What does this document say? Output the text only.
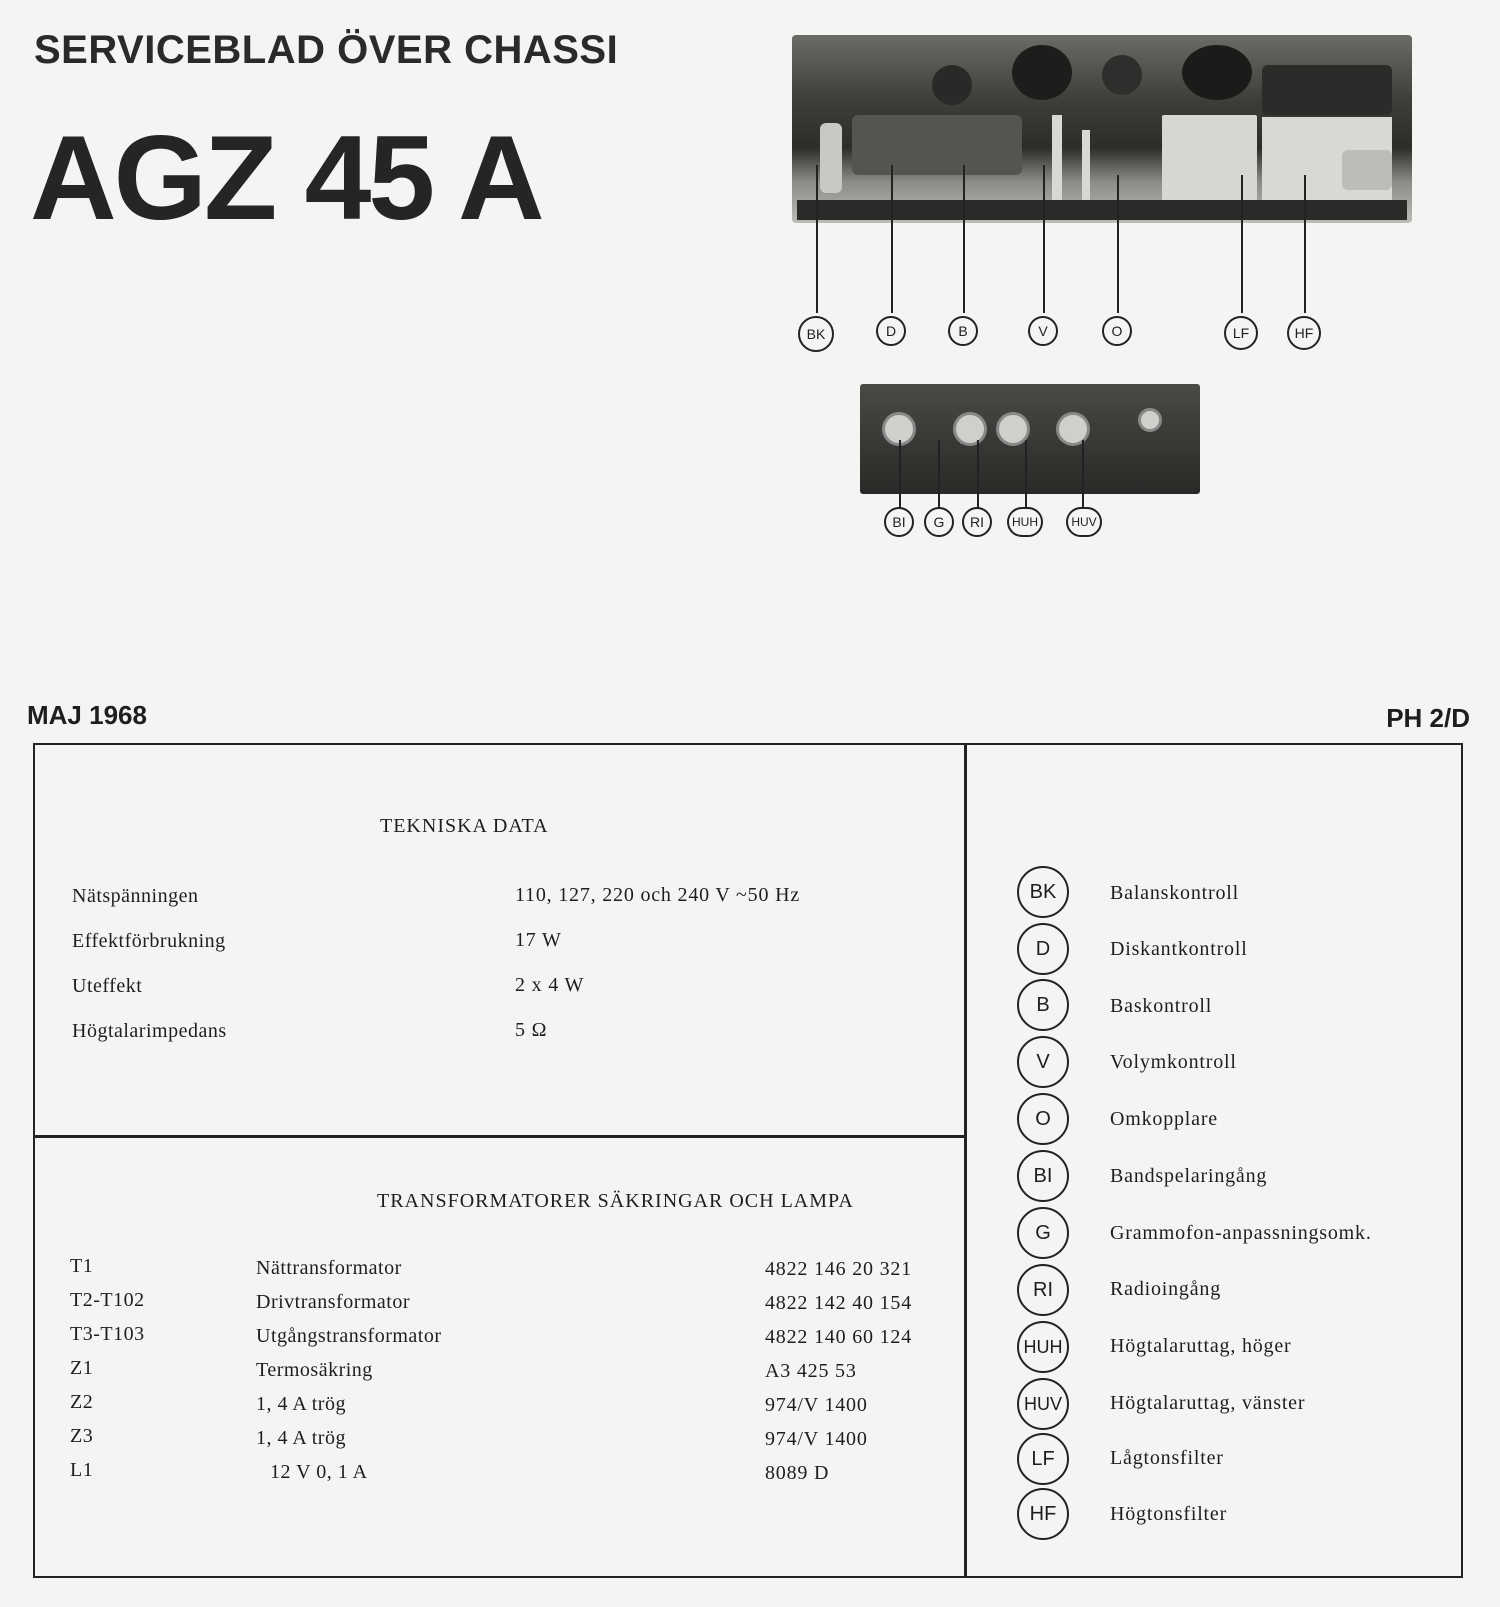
SERVICEBLAD ÖVER CHASSI
AGZ 45 A
BK	D	B	V	O	LF	HF
BI	G	RI	HUH	HUV
MAJ 1968	PH 2/D
TEKNISKA DATA
Nätspänningen	110, 127, 220 och 240 V ~50 Hz
Effektförbrukning	17 W
Uteffekt	2 x 4 W
Högtalarimpedans	5 Ω
TRANSFORMATORER SÄKRINGAR OCH LAMPA
T1	Nättransformator	4822 146 20 321
T2-T102	Drivtransformator	4822 142 40 154
T3-T103	Utgångstransformator	4822 140 60 124
Z1	Termosäkring	A3 425 53
Z2	1, 4 A trög	974/V 1400
Z3	1, 4 A trög	974/V 1400
L1	12 V 0, 1 A	8089 D
BK	Balanskontroll
D	Diskantkontroll
B	Baskontroll
V	Volymkontroll
O	Omkopplare
BI	Bandspelaringång
G	Grammofon-anpassningsomk.
RI	Radioingång
HUH	Högtalaruttag, höger
HUV	Högtalaruttag, vänster
LF	Lågtonsfilter
HF	Högtonsfilter
